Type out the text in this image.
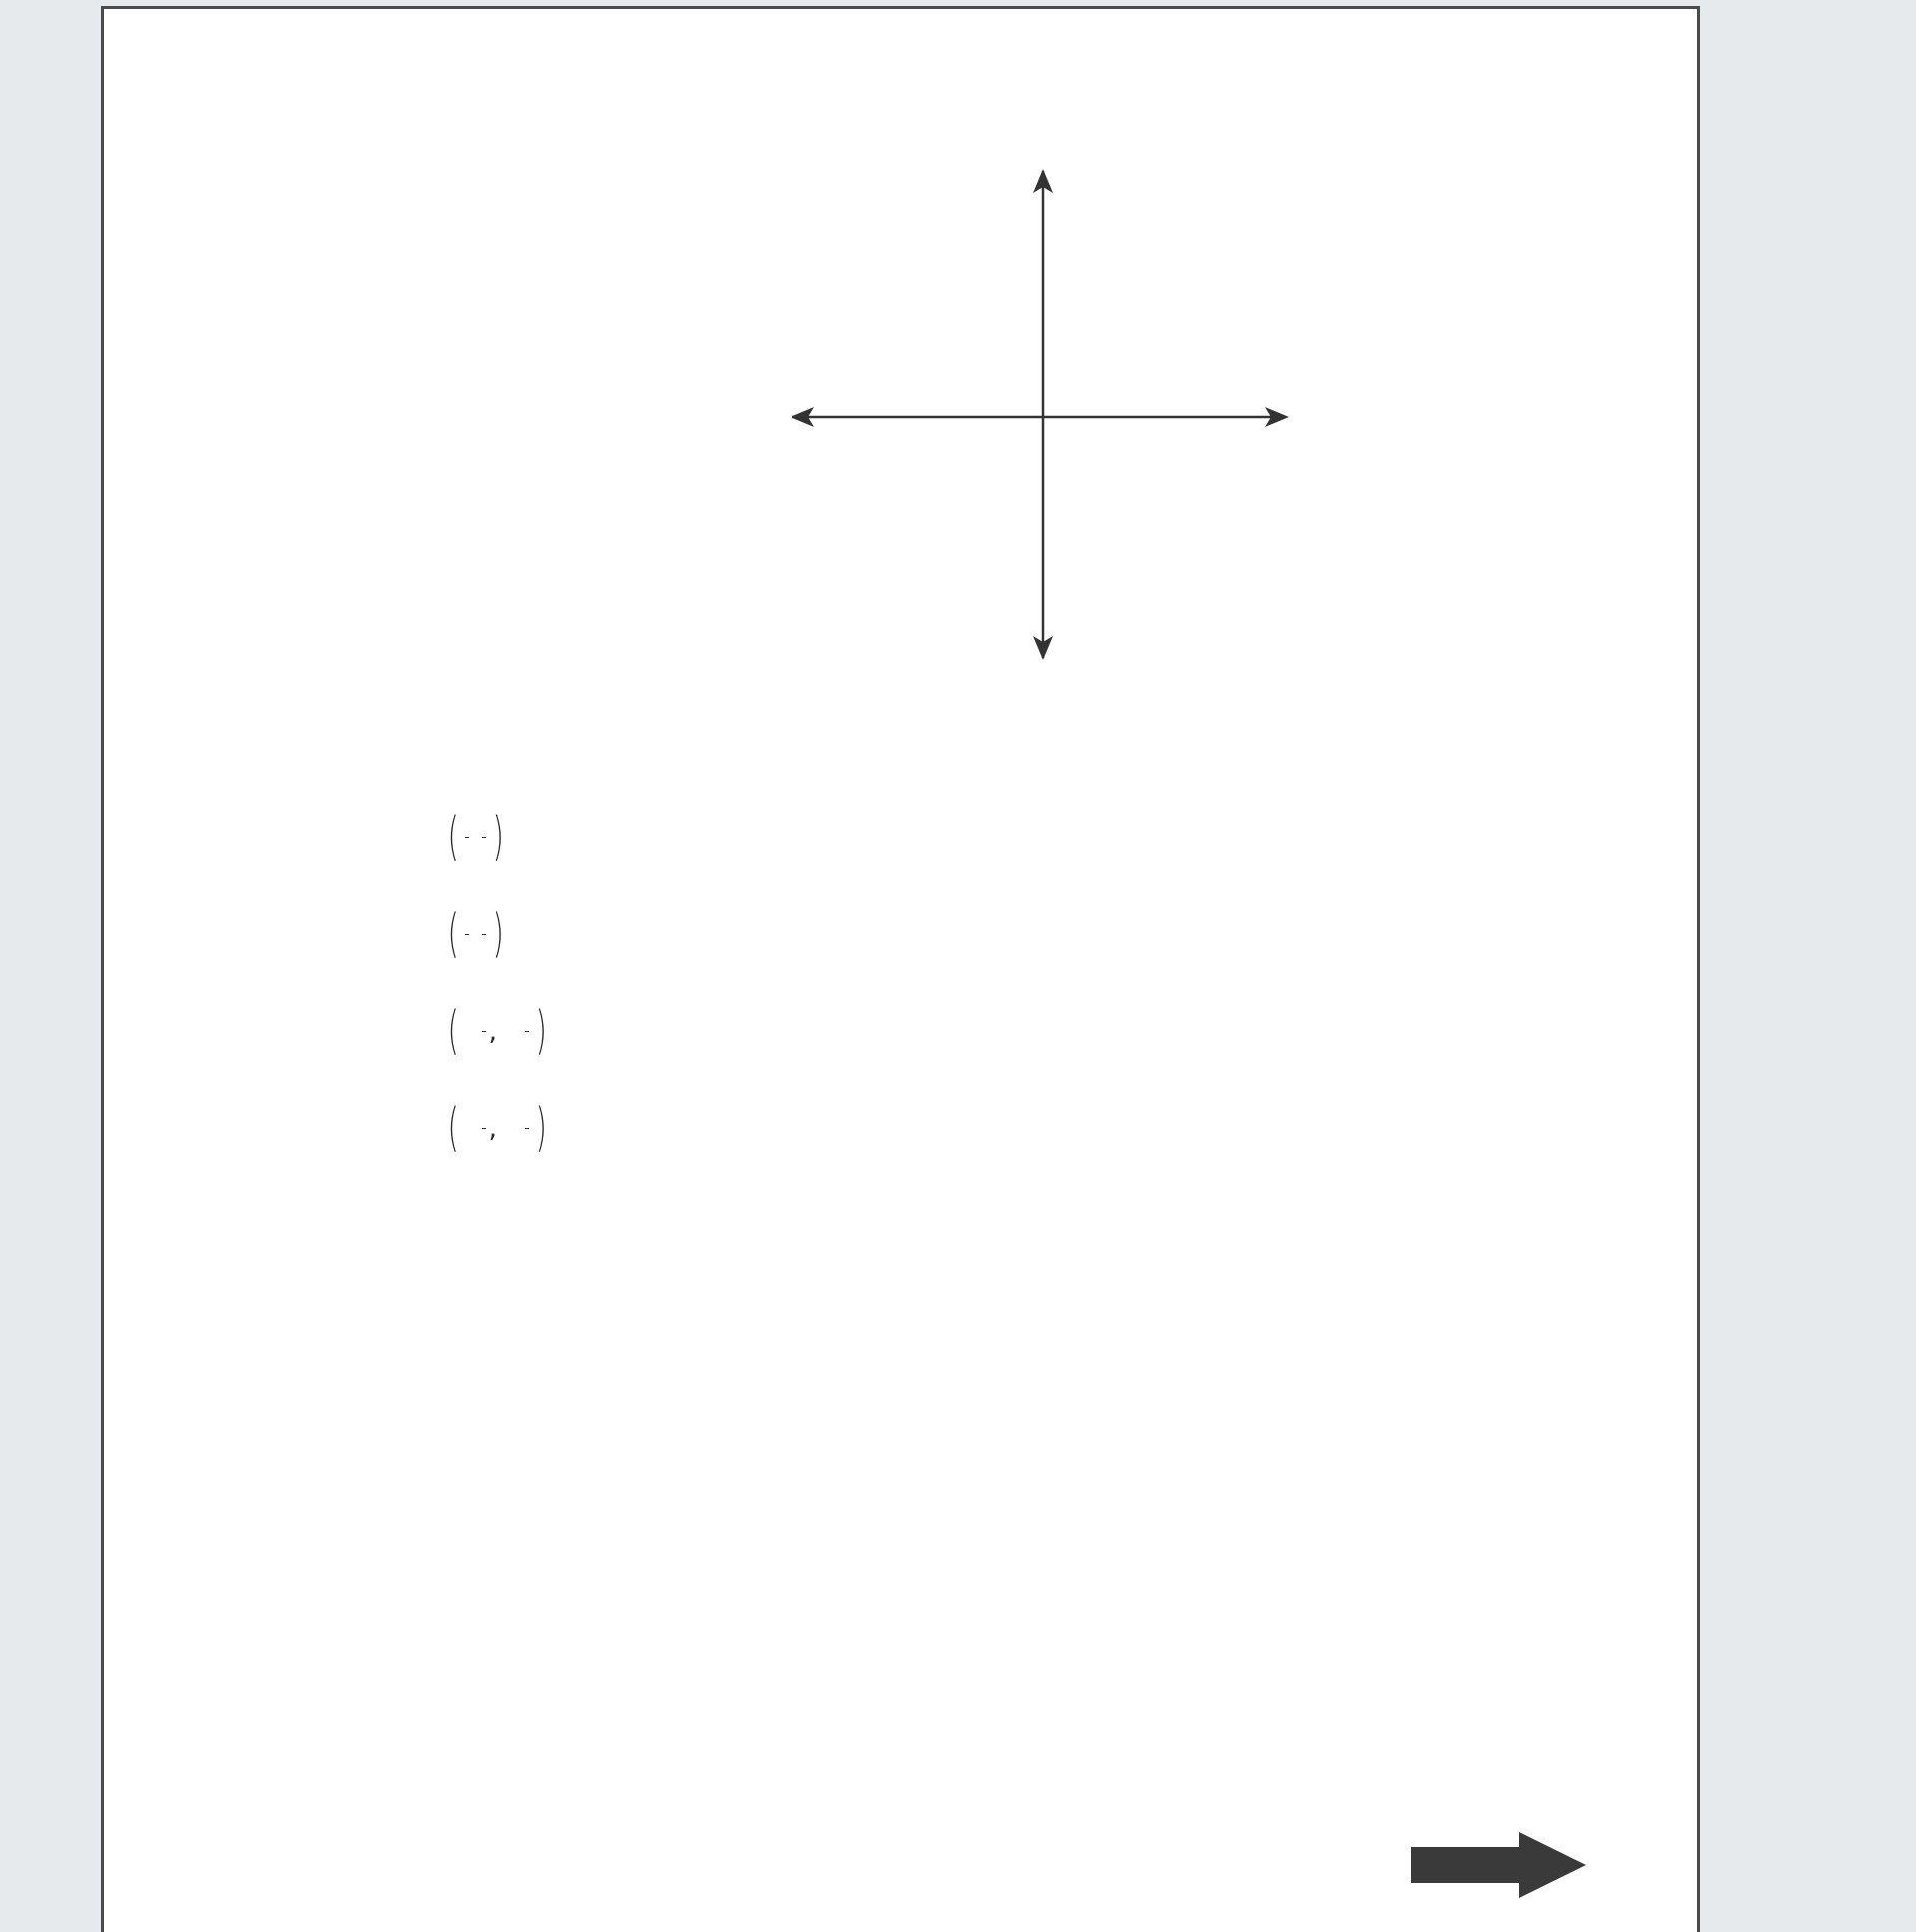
(
)
(
)
(

,

)
(

,

)
